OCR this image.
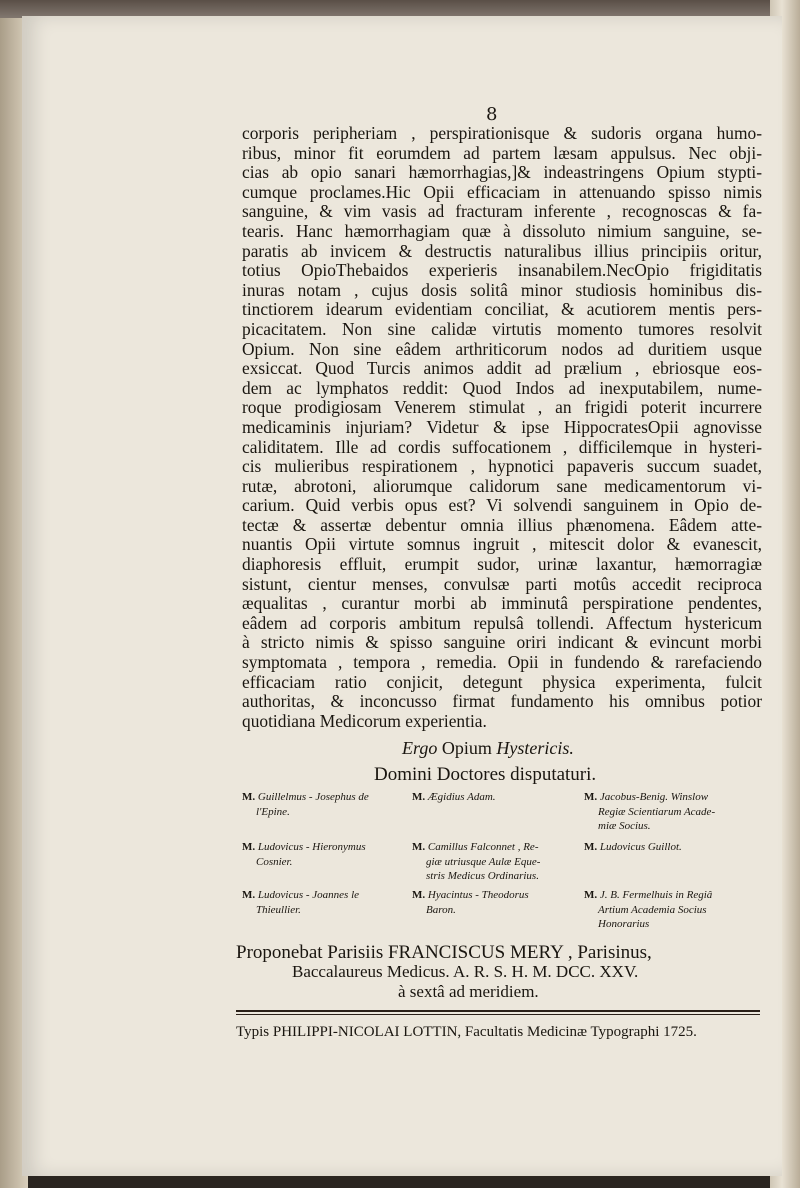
8
corporis peripheriam , perspirationisque & sudoris organa humo-
ribus, minor fit eorumdem ad partem læsam appulsus. Nec obji-
cias ab opio sanari hæmorrhagias,]& indeastringens Opium stypti-
cumque proclames.Hic Opii efficaciam in attenuando spisso nimis
sanguine, & vim vasis ad fracturam inferente , recognoscas & fa-
tearis. Hanc hæmorrhagiam quæ à dissoluto nimium sanguine, se-
paratis ab invicem & destructis naturalibus illius principiis oritur,
totius OpioThebaidos experieris insanabilem.NecOpio frigiditatis
inuras notam , cujus dosis solitâ minor studiosis hominibus dis-
tinctiorem idearum evidentiam conciliat, & acutiorem mentis pers-
picacitatem. Non sine calidæ virtutis momento tumores resolvit
Opium. Non sine eâdem arthriticorum nodos ad duritiem usque
exsiccat. Quod Turcis animos addit ad prælium , ebriosque eos-
dem ac lymphatos reddit: Quod Indos ad inexputabilem, nume-
roque prodigiosam Venerem stimulat , an frigidi poterit incurrere
medicaminis injuriam? Videtur & ipse HippocratesOpii agnovisse
caliditatem. Ille ad cordis suffocationem , difficilemque in hysteri-
cis mulieribus respirationem , hypnotici papaveris succum suadet,
rutæ, abrotoni, aliorumque calidorum sane medicamentorum vi-
carium. Quid verbis opus est? Vi solvendi sanguinem in Opio de-
tectæ & assertæ debentur omnia illius phænomena. Eâdem atte-
nuantis Opii virtute somnus ingruit , mitescit dolor & evanescit,
diaphoresis effluit, erumpit sudor, urinæ laxantur, hæmorragiæ
sistunt, cientur menses, convulsæ parti motûs accedit reciproca
æqualitas , curantur morbi ab imminutâ perspiratione pendentes,
eâdem ad corporis ambitum repulsâ tollendi. Affectum hystericum
à stricto nimis & spisso sanguine oriri indicant & evincunt morbi
symptomata , tempora , remedia. Opii in fundendo & rarefaciendo
efficaciam ratio conjicit, detegunt physica experimenta, fulcit
authoritas, & inconcusso firmat fundamento his omnibus potior
quotidiana Medicorum experientia.
Ergo Opium Hystericis.
Domini Doctores disputaturi.
M. Guillelmus - Josephus de
l'Epine.
M. Ludovicus - Hieronymus
Cosnier.
M. Ludovicus - Joannes le
Thieullier.
M. Ægidius Adam.
M. Camillus Falconnet , Re-
giæ utriusque Aulæ Eque-
stris Medicus Ordinarius.
M. Hyacintus - Theodorus
Baron.
M. Jacobus-Benig. Winslow
Regiæ Scientiarum Acade-
miæ Socius.
M. Ludovicus Guillot.
M. J. B. Fermelhuis in Regiâ
Artium Academia Socius
Honorarius
Proponebat Parisiis FRANCISCUS MERY , Parisinus,
Baccalaureus Medicus. A. R. S. H. M. DCC. XXV.
à sextâ ad meridiem.
Typis PHILIPPI-NICOLAI LOTTIN, Facultatis Medicinæ Typographi 1725.
